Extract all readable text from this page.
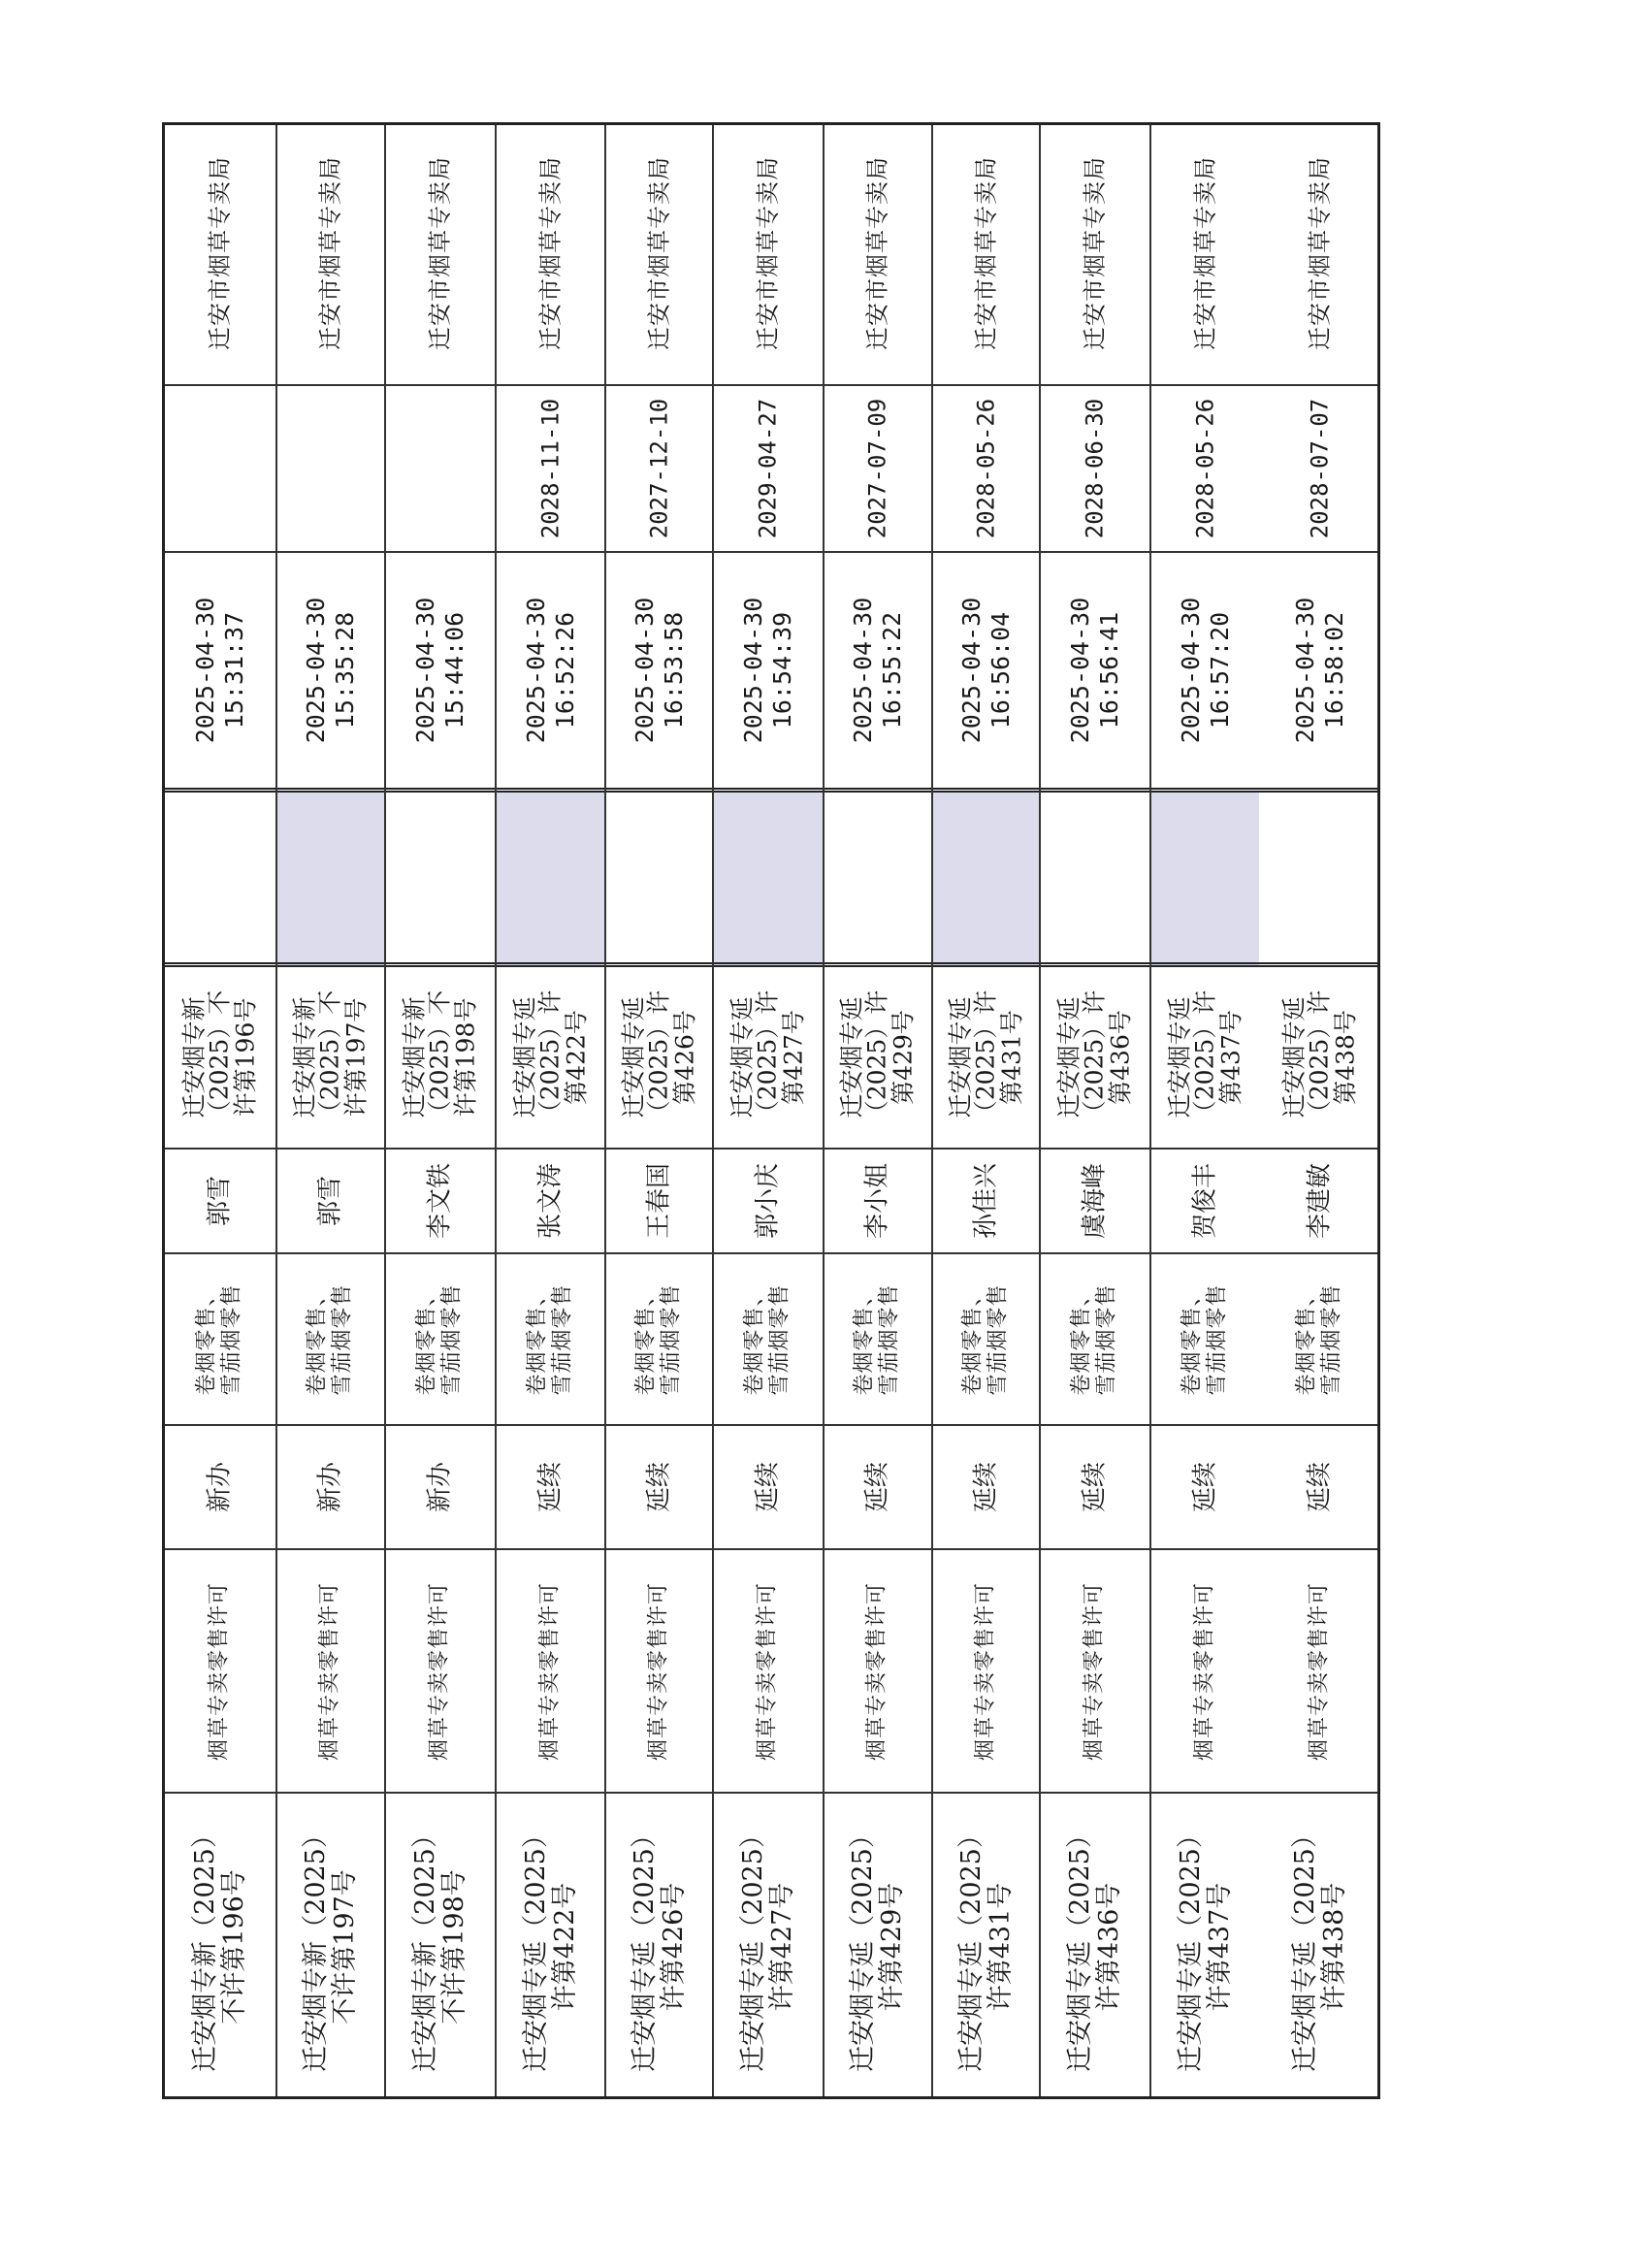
迁安市烟草专卖局
2028-07-07
2025-04-30
16:58:02
迁安烟专延
（2025）许
第438号
李建敏
卷烟零售、
雪茄烟零售
延续
烟草专卖零售许可
迁安烟专延（2025）
许第438号
迁安市烟草专卖局
2028-05-26
2025-04-30
16:57:20
迁安烟专延
（2025）许
第437号
贺俊丰
卷烟零售、
雪茄烟零售
延续
烟草专卖零售许可
迁安烟专延（2025）
许第437号
迁安市烟草专卖局
2028-06-30
2025-04-30
16:56:41
迁安烟专延
（2025）许
第436号
虞海峰
卷烟零售、
雪茄烟零售
延续
烟草专卖零售许可
迁安烟专延（2025）
许第436号
迁安市烟草专卖局
2028-05-26
2025-04-30
16:56:04
迁安烟专延
（2025）许
第431号
孙佳兴
卷烟零售、
雪茄烟零售
延续
烟草专卖零售许可
迁安烟专延（2025）
许第431号
迁安市烟草专卖局
2027-07-09
2025-04-30
16:55:22
迁安烟专延
（2025）许
第429号
李小姐
卷烟零售、
雪茄烟零售
延续
烟草专卖零售许可
迁安烟专延（2025）
许第429号
迁安市烟草专卖局
2029-04-27
2025-04-30
16:54:39
迁安烟专延
（2025）许
第427号
郭小庆
卷烟零售、
雪茄烟零售
延续
烟草专卖零售许可
迁安烟专延（2025）
许第427号
迁安市烟草专卖局
2027-12-10
2025-04-30
16:53:58
迁安烟专延
（2025）许
第426号
王春国
卷烟零售、
雪茄烟零售
延续
烟草专卖零售许可
迁安烟专延（2025）
许第426号
迁安市烟草专卖局
2028-11-10
2025-04-30
16:52:26
迁安烟专延
（2025）许
第422号
张文涛
卷烟零售、
雪茄烟零售
延续
烟草专卖零售许可
迁安烟专延（2025）
许第422号
迁安市烟草专卖局
2025-04-30
15:44:06
迁安烟专新
（2025）不
许第198号
李文铁
卷烟零售、
雪茄烟零售
新办
烟草专卖零售许可
迁安烟专新（2025）
不许第198号
迁安市烟草专卖局
2025-04-30
15:35:28
迁安烟专新
（2025）不
许第197号
郭雪
卷烟零售、
雪茄烟零售
新办
烟草专卖零售许可
迁安烟专新（2025）
不许第197号
迁安市烟草专卖局
2025-04-30
15:31:37
迁安烟专新
（2025）不
许第196号
郭雪
卷烟零售、
雪茄烟零售
新办
烟草专卖零售许可
迁安烟专新（2025）
不许第196号
